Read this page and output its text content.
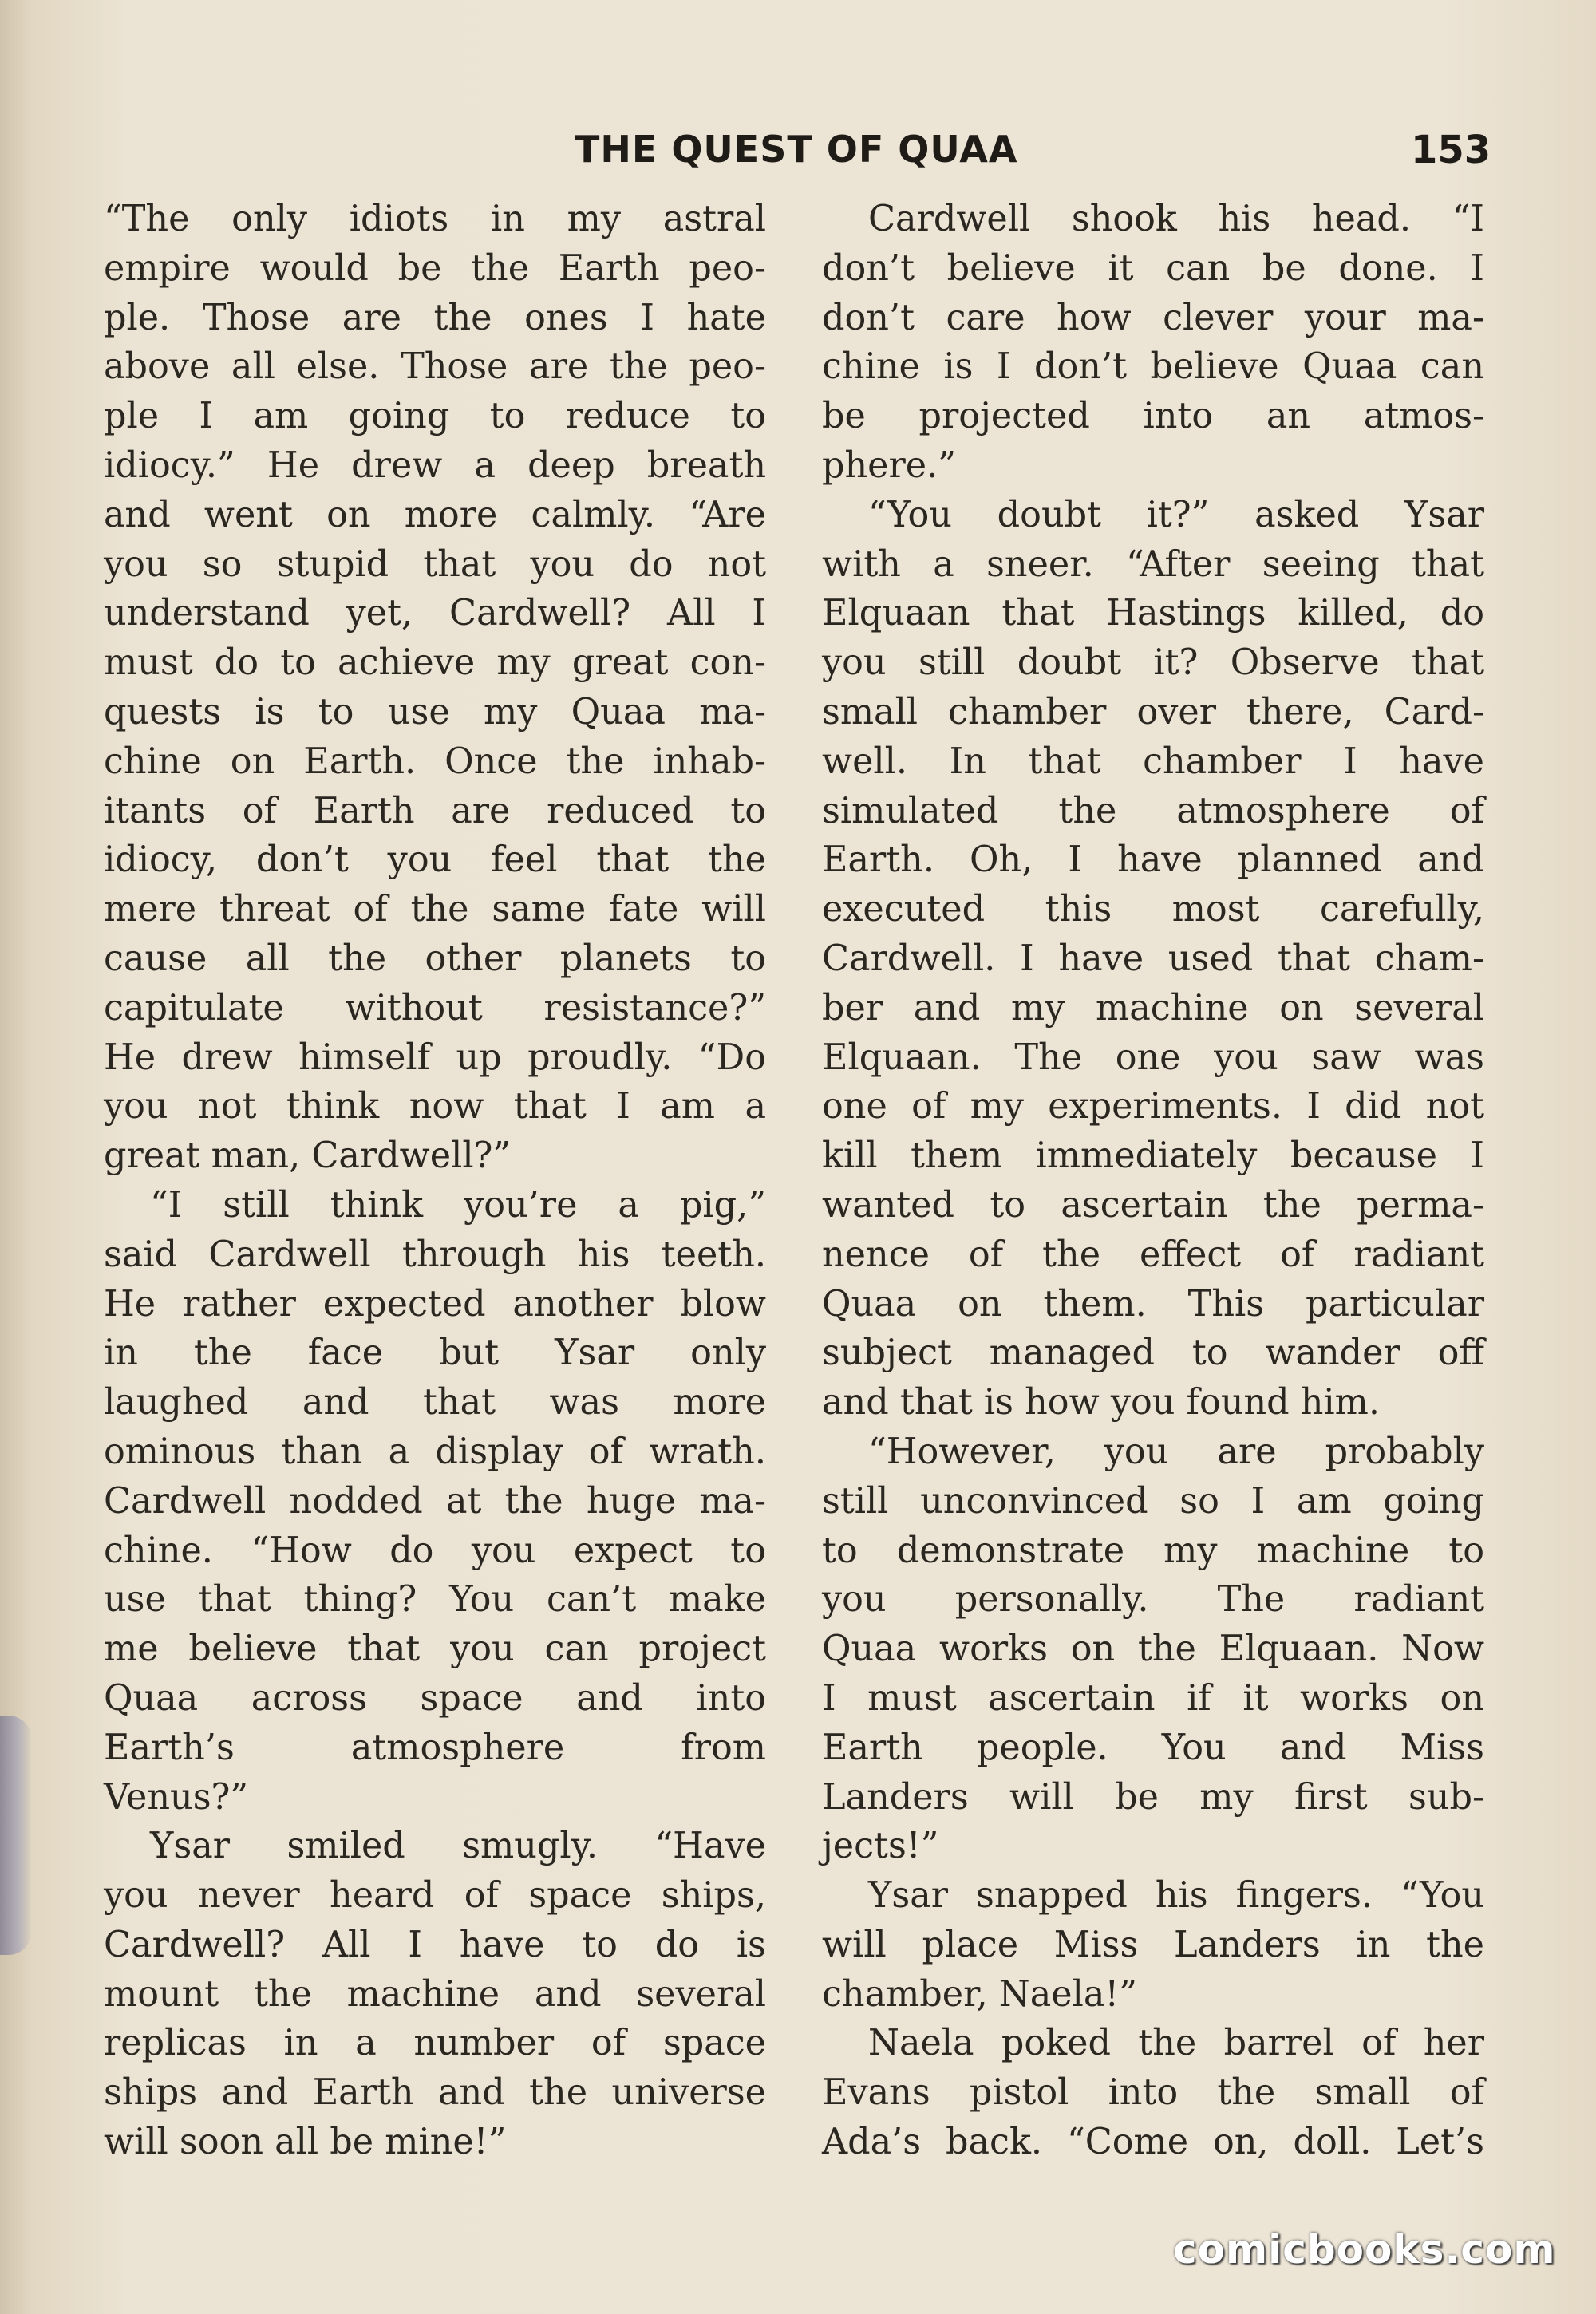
THE QUEST OF QUAA	153
“The only idiots in my astral
empire would be the Earth peo-
ple. Those are the ones I hate
above all else. Those are the peo-
ple I am going to reduce to
idiocy.” He drew a deep breath
and went on more calmly. “Are
you so stupid that you do not
understand yet, Cardwell? All I
must do to achieve my great con-
quests is to use my Quaa ma-
chine on Earth. Once the inhab-
itants of Earth are reduced to
idiocy, don’t you feel that the
mere threat of the same fate will
cause all the other planets to
capitulate without resistance?”
He drew himself up proudly. “Do
you not think now that I am a
great man, Cardwell?”
“I still think you’re a pig,”
said Cardwell through his teeth.
He rather expected another blow
in the face but Ysar only
laughed and that was more
ominous than a display of wrath.
Cardwell nodded at the huge ma-
chine. “How do you expect to
use that thing? You can’t make
me believe that you can project
Quaa across space and into
Earth’s atmosphere from
Venus?”
Ysar smiled smugly. “Have
you never heard of space ships,
Cardwell? All I have to do is
mount the machine and several
replicas in a number of space
ships and Earth and the universe
will soon all be mine!”
Cardwell shook his head. “I
don’t believe it can be done. I
don’t care how clever your ma-
chine is I don’t believe Quaa can
be projected into an atmos-
phere.”
“You doubt it?” asked Ysar
with a sneer. “After seeing that
Elquaan that Hastings killed, do
you still doubt it? Observe that
small chamber over there, Card-
well. In that chamber I have
simulated the atmosphere of
Earth. Oh, I have planned and
executed this most carefully,
Cardwell. I have used that cham-
ber and my machine on several
Elquaan. The one you saw was
one of my experiments. I did not
kill them immediately because I
wanted to ascertain the perma-
nence of the effect of radiant
Quaa on them. This particular
subject managed to wander off
and that is how you found him.
“However, you are probably
still unconvinced so I am going
to demonstrate my machine to
you personally. The radiant
Quaa works on the Elquaan. Now
I must ascertain if it works on
Earth people. You and Miss
Landers will be my first sub-
jects!”
Ysar snapped his fingers. “You
will place Miss Landers in the
chamber, Naela!”
Naela poked the barrel of her
Evans pistol into the small of
Ada’s back. “Come on, doll. Let’s
comicbooks.com
